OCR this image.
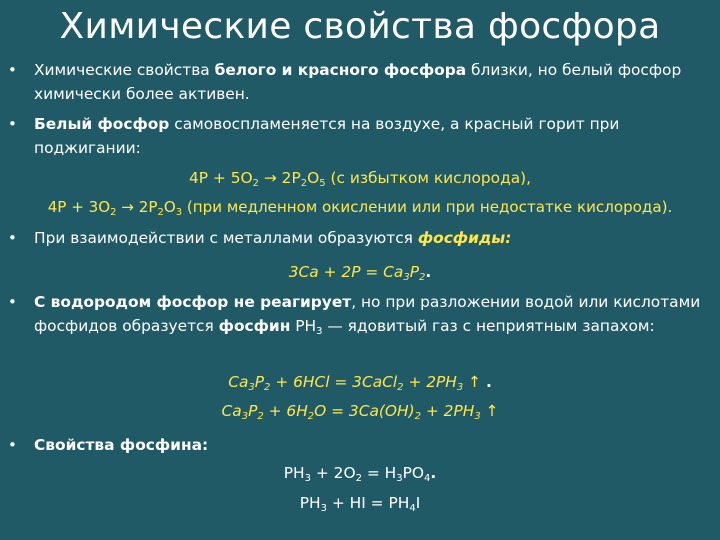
Химические свойства фосфора
•	Химические свойства белого и красного фосфора близки, но белый фосфор химически более активен.
•	Белый фосфор самовоспламеняется на воздухе, а красный горит при поджигании:
$4P + 5O_2 \to 2P_2O_5$ (с избытком кислорода),
$4P + 3O_2 \to 2P_2O_3$ (при медленном окислении или при недостатке кислорода).
•	При взаимодействии с металлами образуются фосфиды:
$3Ca + 2P = Ca_3P_2$.
•	С водородом фосфор не реагирует, но при разложении водой или кислотами фосфидов образуется фосфин $PH_3$ — ядовитый газ с неприятным запахом:
$Ca_3P_2 + 6HCl$ = 3CaCl$_2$ + $2PH_3$ ↑ .
$Ca_3P_2 + 6H_2O = 3Ca(OH)_2 + 2PH_3$ ↑
•	Свойства фосфина:
$PH_3 + 2O_2 = H_3PO_4$.
$PH_3$ + HI = $PH_4I$
